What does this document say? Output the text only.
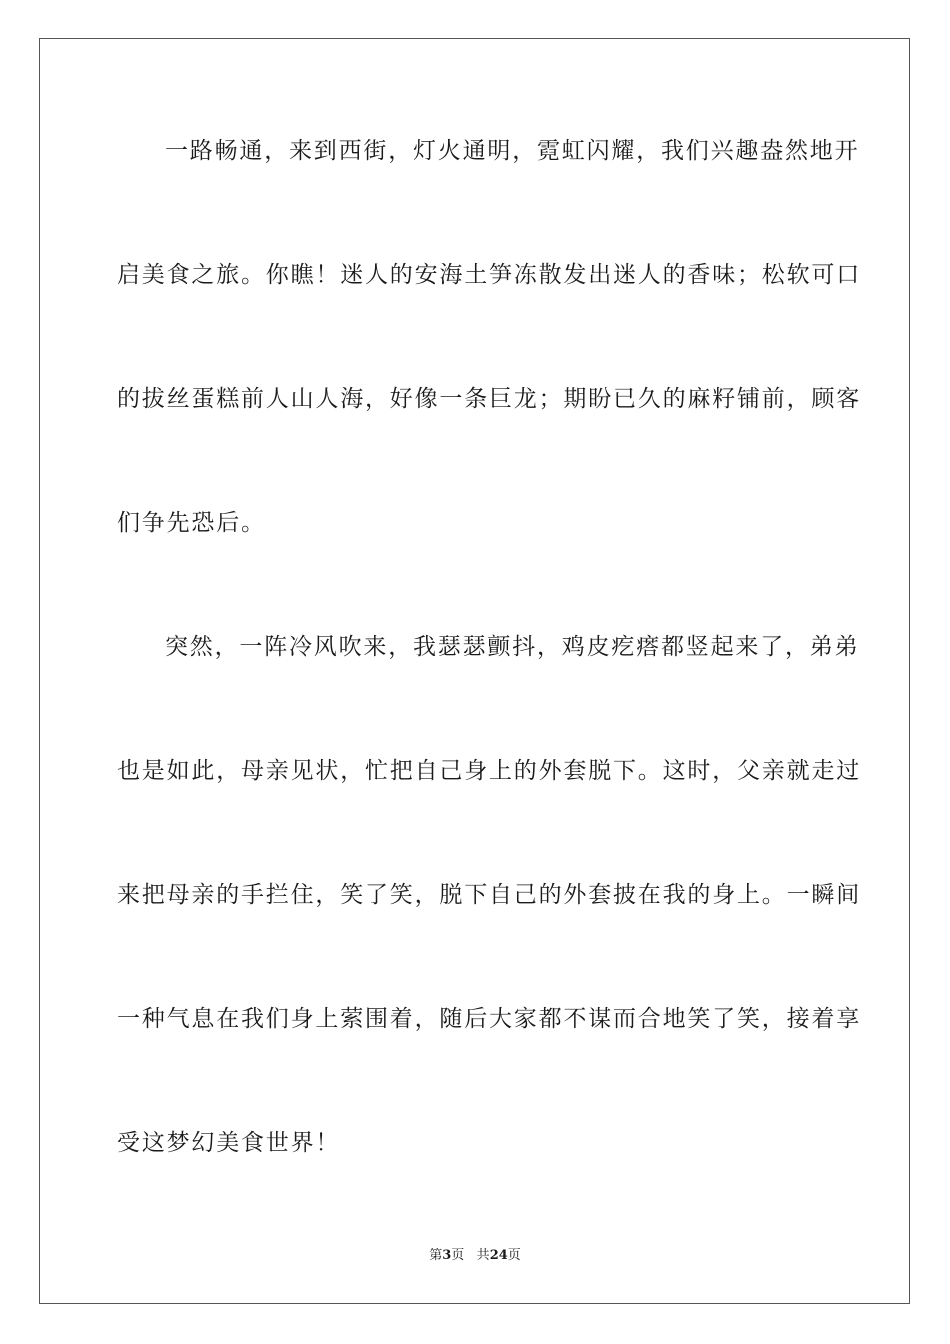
一路畅通，来到西街，灯火通明，霓虹闪耀，我们兴趣盎然地开
启美食之旅。你瞧！迷人的安海土笋冻散发出迷人的香味；松软可口
的拔丝蛋糕前人山人海，好像一条巨龙；期盼已久的麻籽铺前，顾客
们争先恐后。
突然，一阵冷风吹来，我瑟瑟颤抖，鸡皮疙瘩都竖起来了，弟弟
也是如此，母亲见状，忙把自己身上的外套脱下。这时，父亲就走过
来把母亲的手拦住，笑了笑，脱下自己的外套披在我的身上。一瞬间
一种气息在我们身上萦围着，随后大家都不谋而合地笑了笑，接着享
受这梦幻美食世界！
第3页 共24页
